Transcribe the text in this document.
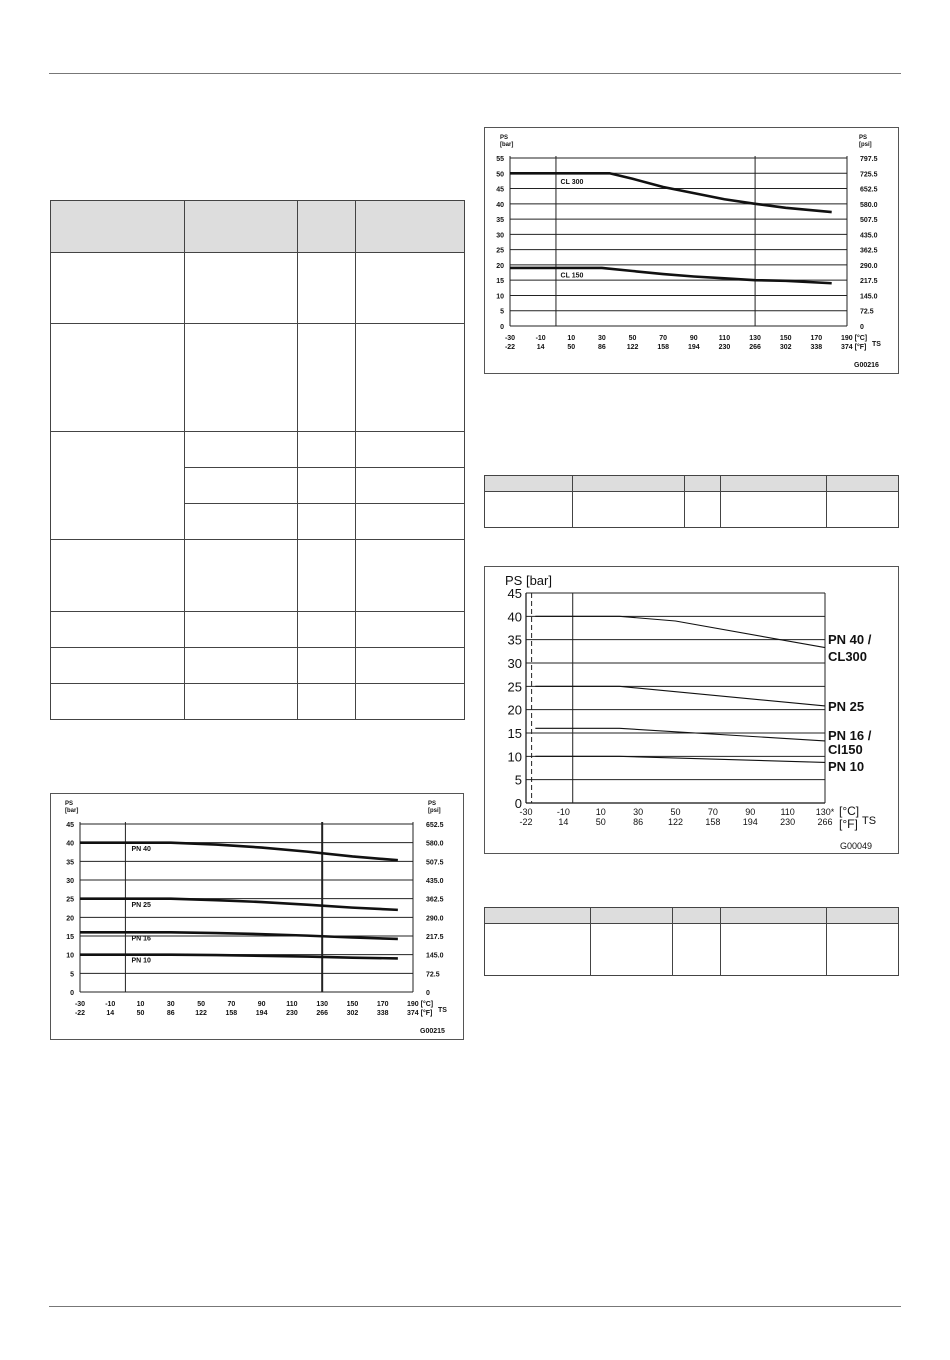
0	0
5	72.5
10	145.0
15	217.5
20	290.0
25	362.5
30	435.0
35	507.5
40	580.0
45	652.5
-30
-22
-10
14
10
50
30
86
50
122
70
158
90
194
110
230
130
266
150
302
170
338
190 [°C]
374 [°F] TS
PS [bar]
PS [psi]
G00215
PN 40
PN 25
PN 16
PN 10
0	0
5	72.5
10	145.0
15	217.5
20	290.0
25	362.5
30	435.0
35	507.5
40	580.0
45	652.5
50	725.5
55	797.5
-30
-22
-10
14
10
50
30
86
50
122
70
158
90
194
110
230
130
266
150
302
170
338
190 [°C]
374 [°F] TS
PS [bar]
PS [psi]
G00216
CL 300
CL 150
0
5
10
15
20
25
30
35
40
45
-30
-22
-10
14
10
50
30
86
50
122
70
158
90
194
110
230
130*
266
[°C]
[°F] TS
PS [bar]
G00049
PN 40 /
CL300
PN 25
PN 16 /
Cl150
PN 10
